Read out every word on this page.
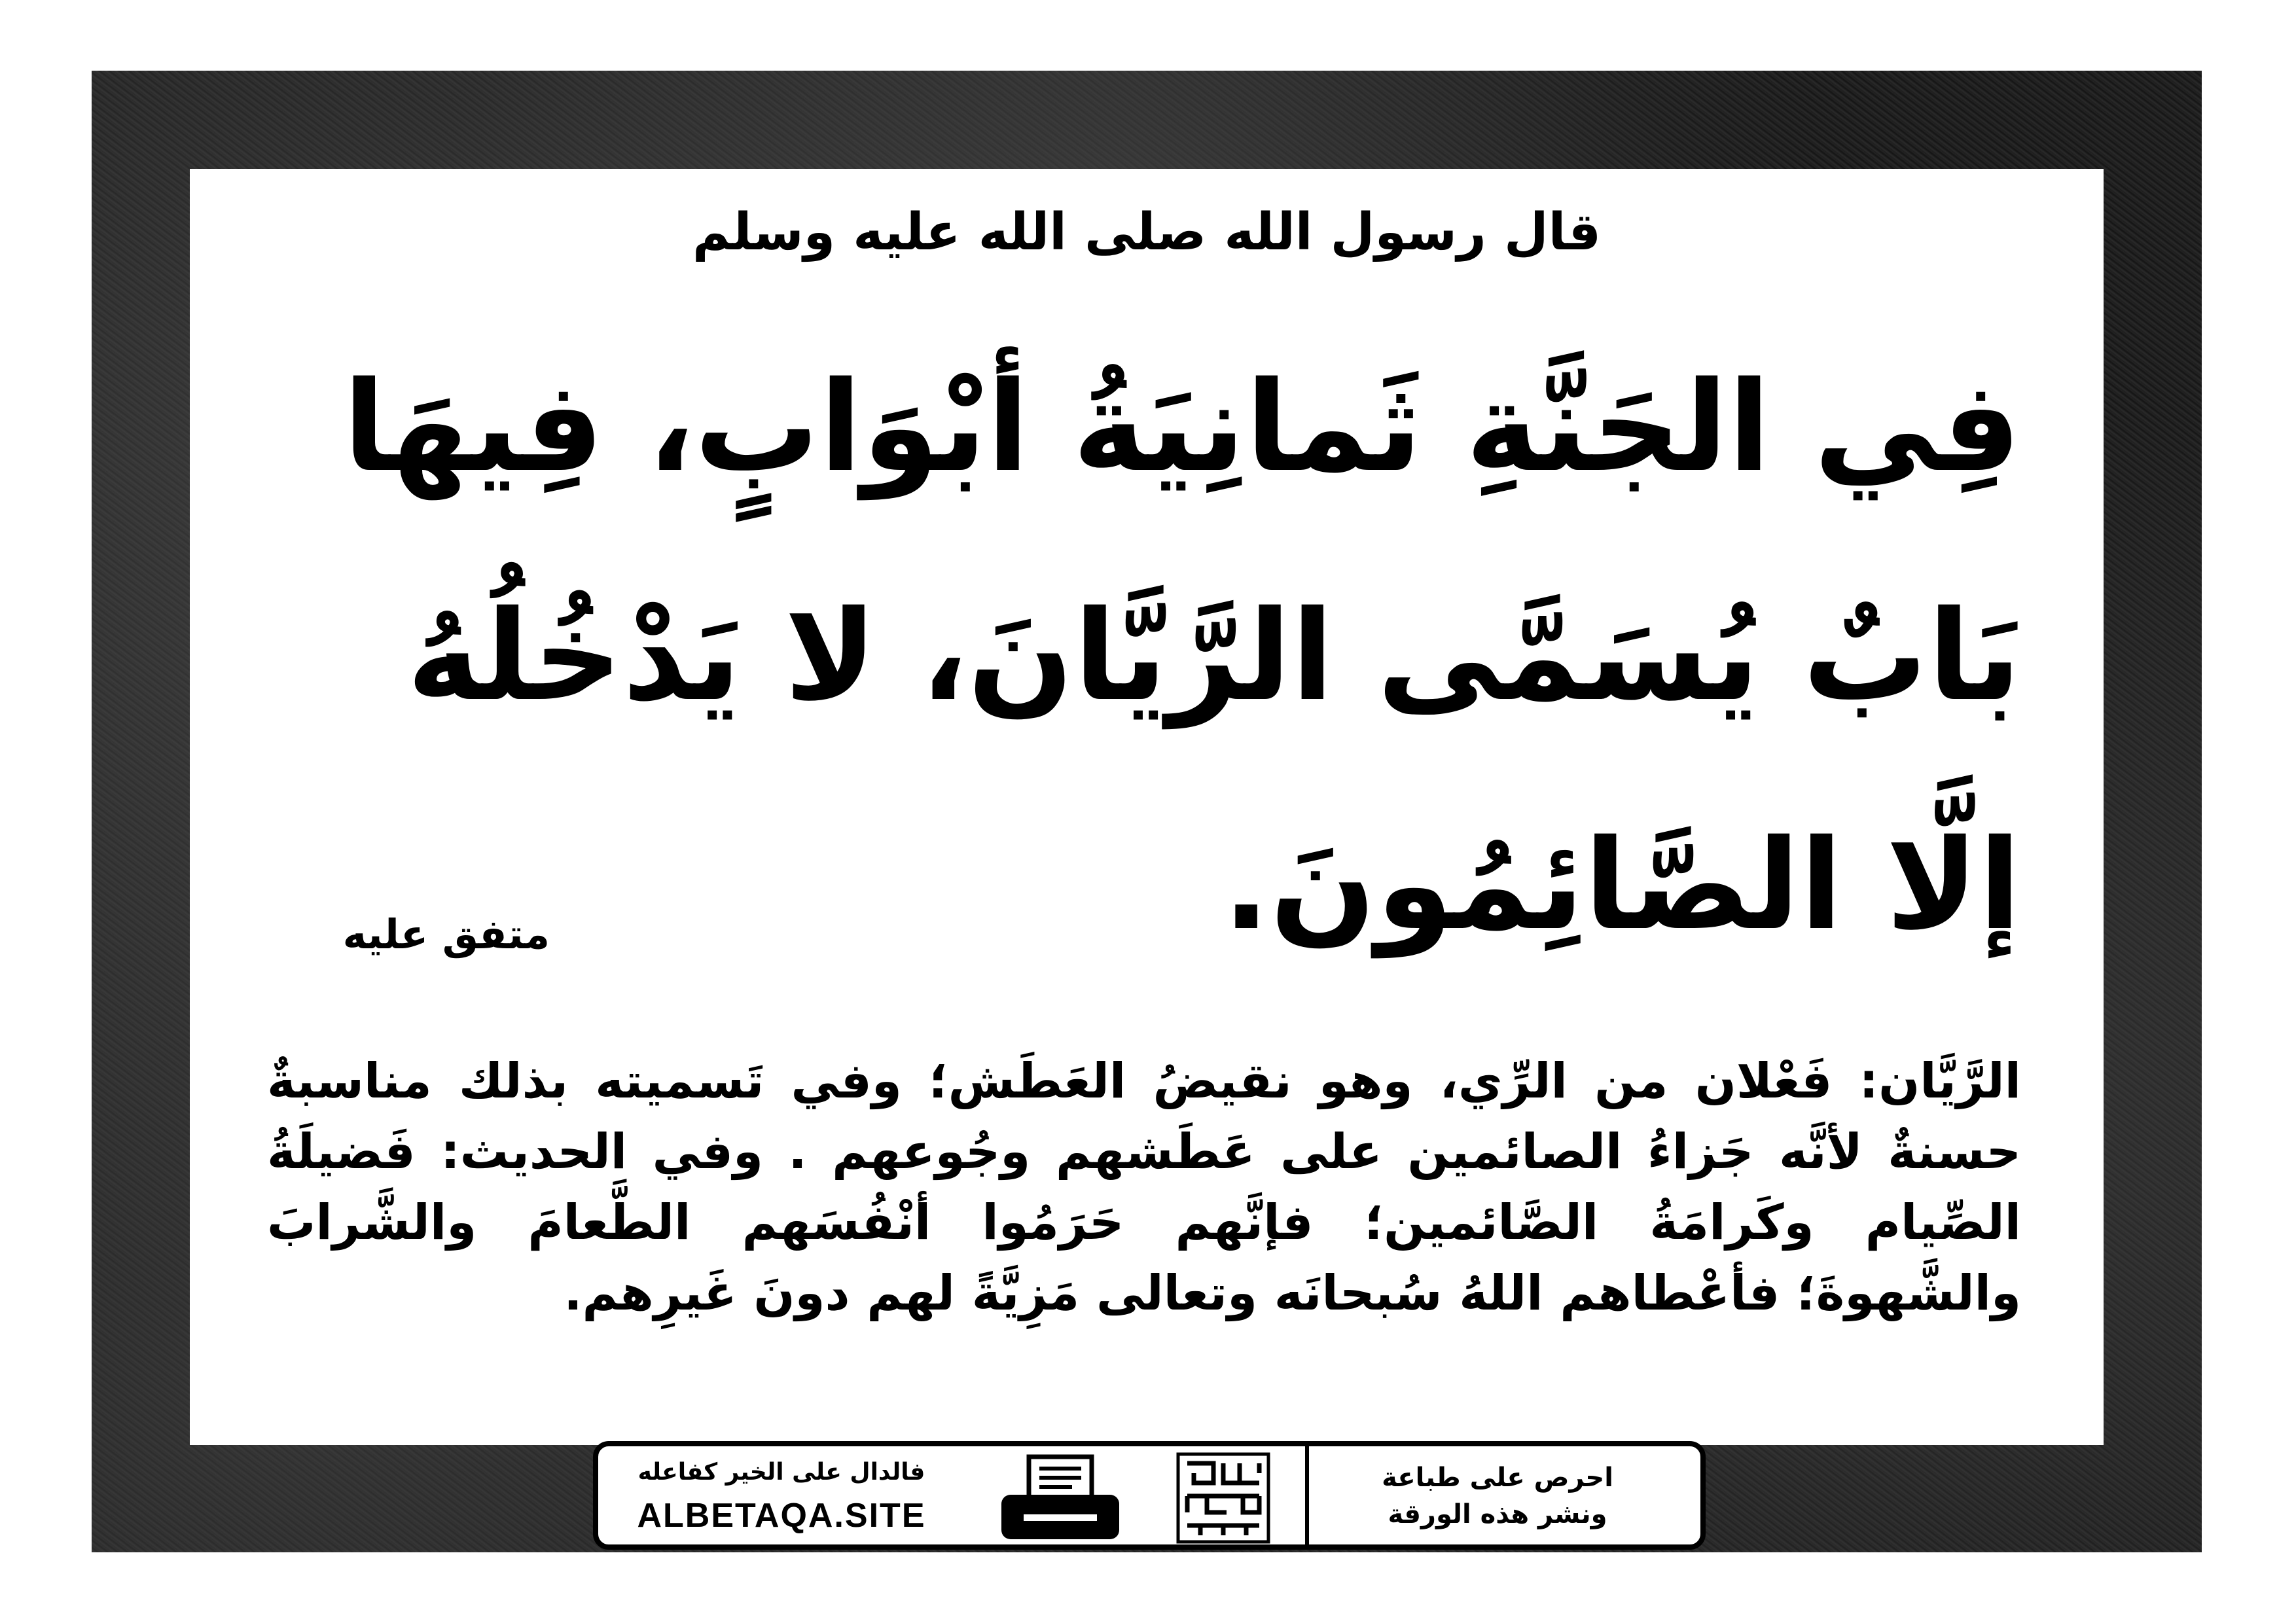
قال رسول الله صلى الله عليه وسلم
فِي الجَنَّةِ ثَمانِيَةُ أبْوَابٍ، فِيهَا
بَابٌ يُسَمَّى الرَّيَّانَ، لا يَدْخُلُهُ
إلَّا الصَّائِمُونَ.
متفق عليه
الرَّيَّان: فَعْلان من الرِّي، وهو نقيضُ العَطَش؛ وفي تَسميته بذلك مناسبةٌ حسنةٌ لأنَّه جَزاءُ الصائمين على عَطَشهم وجُوعهم . وفي الحديث: فَضيلَةُ الصِّيام وكَرامَةُ الصَّائمين؛ فإنَّهم حَرَمُوا أنْفُسَهم الطَّعامَ والشَّرابَ والشَّهوةَ؛ فأعْطاهم اللهُ سُبحانَه وتعالى مَزِيَّةً لهم دونَ غَيرِهم.
فالدال على الخير كفاعله
ALBETAQA.SITE
احرص على طباعة
ونشر هذه الورقة
